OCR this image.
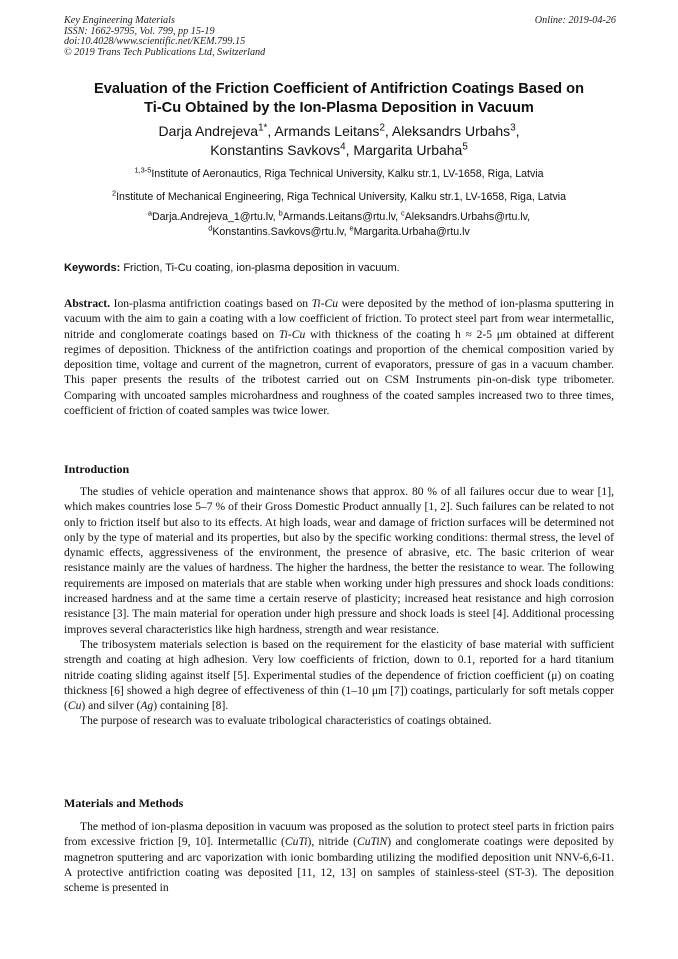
Key Engineering Materials
ISSN: 1662-9795, Vol. 799, pp 15-19
doi:10.4028/www.scientific.net/KEM.799.15
© 2019 Trans Tech Publications Ltd, Switzerland
Online: 2019-04-26
Evaluation of the Friction Coefficient of Antifriction Coatings Based on
Ti-Cu Obtained by the Ion-Plasma Deposition in Vacuum
Darja Andrejeva$^{1*}$, Armands Leitans$^2$, Aleksandrs Urbahs$^3$,
Konstantins Savkovs$^4$, Margarita Urbaha$^5$
$^{1,3-5}$Institute of Aeronautics, Riga Technical University, Kalku str.1, LV-1658, Riga, Latvia
$^2$Institute of Mechanical Engineering, Riga Technical University, Kalku str.1, LV-1658, Riga, Latvia
$^a$Darja.Andrejeva_1@rtu.lv, $^b$Armands.Leitans@rtu.lv, $^c$Aleksandrs.Urbahs@rtu.lv,
$^d$Konstantins.Savkovs@rtu.lv, $^e$Margarita.Urbaha@rtu.lv
Keywords: Friction, Ti-Cu coating, ion-plasma deposition in vacuum.

Abstract. Ion-plasma antifriction coatings based on Ti-Cu were deposited by the method of ion-plasma sputtering in vacuum with the aim to gain a coating with a low coefficient of friction. To protect steel part from wear intermetallic, nitride and conglomerate coatings based on Ti-Cu with thickness of the coating h ≈ 2-5 μm obtained at different regimes of deposition. Thickness of the antifriction coatings and proportion of the chemical composition varied by deposition time, voltage and current of the magnetron, current of evaporators, pressure of gas in a vacuum chamber. This paper presents the results of the tribotest carried out on CSM Instruments pin-on-disk type tribometer. Comparing with uncoated samples microhardness and roughness of the coated samples increased two to three times, coefficient of friction of coated samples was twice lower.

Introduction

The studies of vehicle operation and maintenance shows that approx. 80 % of all failures occur due to wear [1], which makes countries lose 5–7 % of their Gross Domestic Product annually [1, 2]. Such failures can be related to not only to friction itself but also to its effects. At high loads, wear and damage of friction surfaces will be determined not only by the type of material and its properties, but also by the specific working conditions: thermal stress, the level of dynamic effects, aggressiveness of the environment, the presence of abrasive, etc. The basic criterion of wear resistance mainly are the values of hardness. The higher the hardness, the better the resistance to wear. The following requirements are imposed on materials that are stable when working under high pressures and shock loads conditions: increased hardness and at the same time a certain reserve of plasticity; increased heat resistance and high corrosion resistance [3]. The main material for operation under high pressure and shock loads is steel [4]. Additional processing improves several characteristics like high hardness, strength and wear resistance.

The tribosystem materials selection is based on the requirement for the elasticity of base material with sufficient strength and coating at high adhesion. Very low coefficients of friction, down to 0.1, reported for a hard titanium nitride coating sliding against itself [5]. Experimental studies of the dependence of friction coefficient (μ) on coating thickness [6] showed a high degree of effectiveness of thin (1–10 μm [7]) coatings, particularly for soft metals copper (Cu) and silver (Ag) containing [8].

The purpose of research was to evaluate tribological characteristics of coatings obtained.

Materials and Methods

The method of ion-plasma deposition in vacuum was proposed as the solution to protect steel parts in friction pairs from excessive friction [9, 10]. Intermetallic (CuTi), nitride (CuTiN) and conglomerate coatings were deposited by magnetron sputtering and arc vaporization with ionic bombarding utilizing the modified deposition unit NNV-6,6-I1. A protective antifriction coating was deposited [11, 12, 13] on samples of stainless-steel (ST-3). The deposition scheme is presented in
